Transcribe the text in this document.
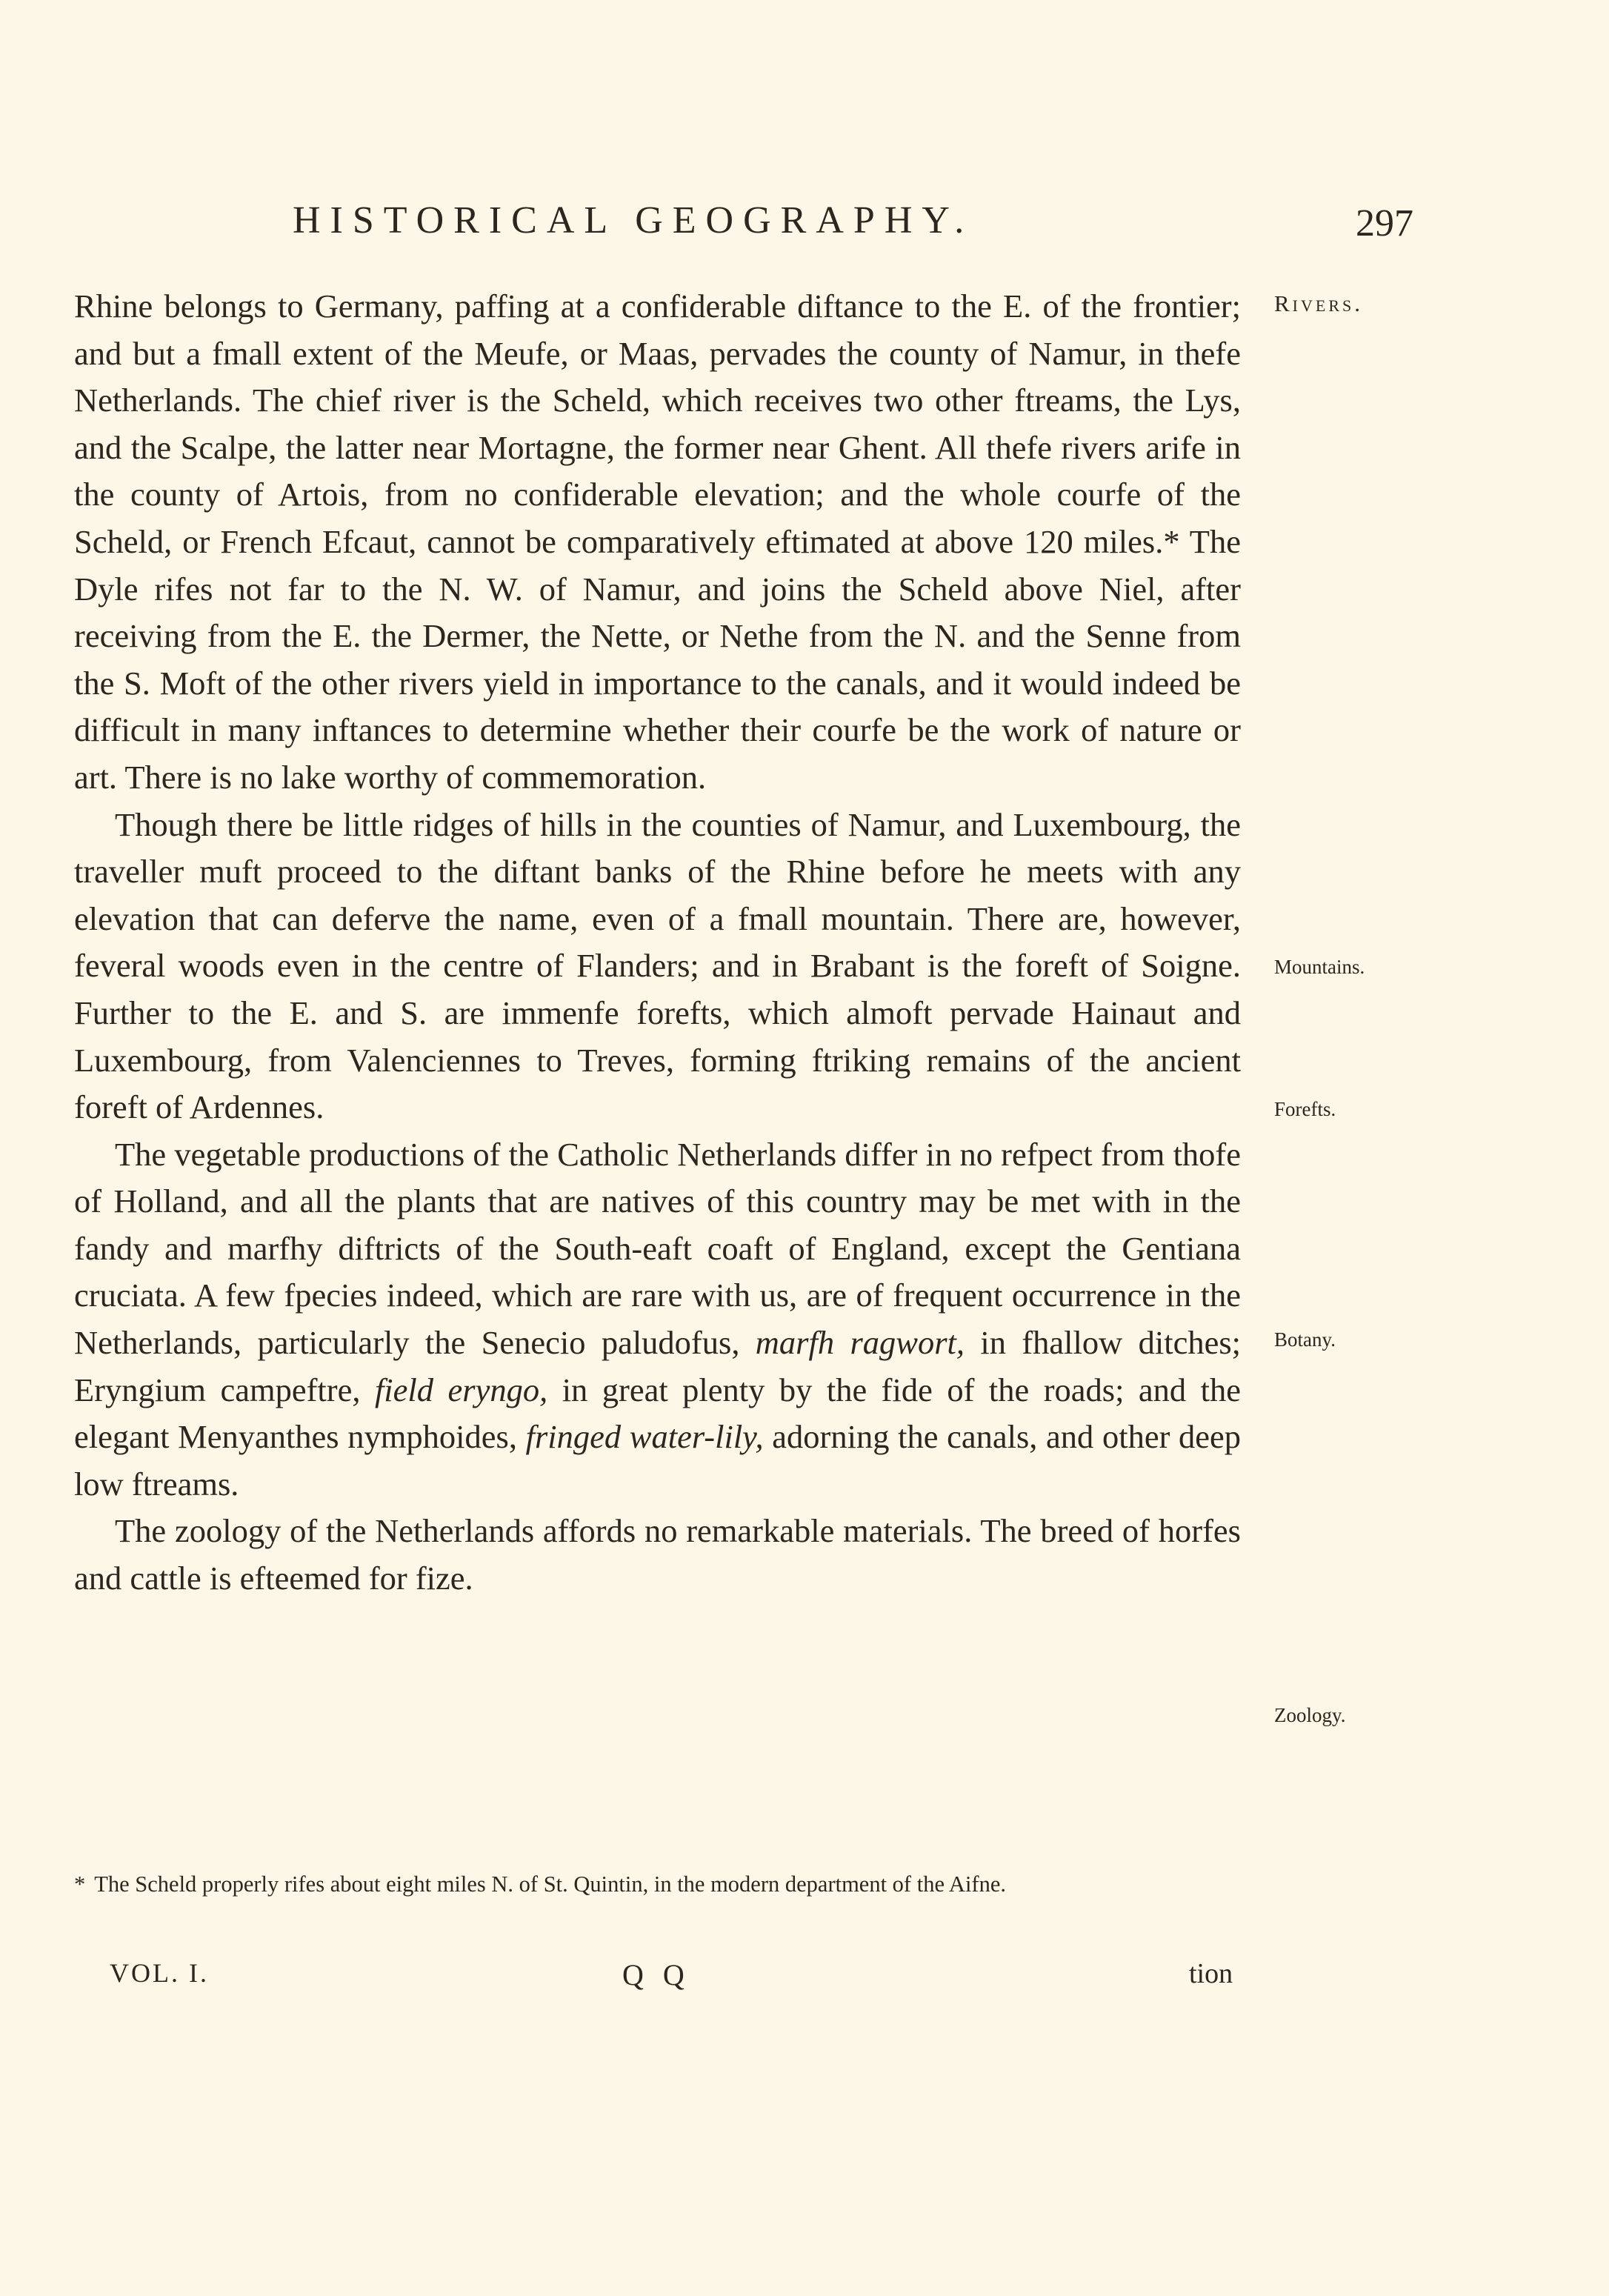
HISTORICAL GEOGRAPHY.	297
Rivers.
Mountains.
Forefts.
Botany.
Zoology.

Rhine belongs to Germany, paffing at a confiderable diftance to the E. of the frontier; and but a fmall extent of the Meufe, or Maas, pervades the county of Namur, in thefe Netherlands. The chief river is the Scheld, which receives two other ftreams, the Lys, and the Scalpe, the latter near Mortagne, the former near Ghent. All thefe rivers arife in the county of Artois, from no confiderable elevation; and the whole courfe of the Scheld, or French Efcaut, cannot be comparatively eftimated at above 120 miles.* The Dyle rifes not far to the N. W. of Namur, and joins the Scheld above Niel, after receiving from the E. the Dermer, the Nette, or Nethe from the N. and the Senne from the S. Moft of the other rivers yield in importance to the canals, and it would indeed be difficult in many inftances to determine whether their courfe be the work of nature or art. There is no lake worthy of commemoration.

Though there be little ridges of hills in the counties of Namur, and Luxembourg, the traveller muft proceed to the diftant banks of the Rhine before he meets with any elevation that can deferve the name, even of a fmall mountain. There are, however, feveral woods even in the centre of Flanders; and in Brabant is the foreft of Soigne. Further to the E. and S. are immenfe forefts, which almoft pervade Hainaut and Luxembourg, from Valenciennes to Treves, forming ftriking remains of the ancient foreft of Ardennes.

The vegetable productions of the Catholic Netherlands differ in no refpect from thofe of Holland, and all the plants that are natives of this country may be met with in the fandy and marfhy diftricts of the South-eaft coaft of England, except the Gentiana cruciata. A few fpecies indeed, which are rare with us, are of frequent occurrence in the Netherlands, particularly the Senecio paludofus, marfh ragwort, in fhallow ditches; Eryngium campeftre, field eryngo, in great plenty by the fide of the roads; and the elegant Menyanthes nymphoides, fringed water-lily, adorning the canals, and other deep low ftreams.

The zoology of the Netherlands affords no remarkable materials. The breed of horfes and cattle is efteemed for fize.

* The Scheld properly rifes about eight miles N. of St. Quintin, in the modern department of the Aifne.
VOL. I.	Q Q	tion
